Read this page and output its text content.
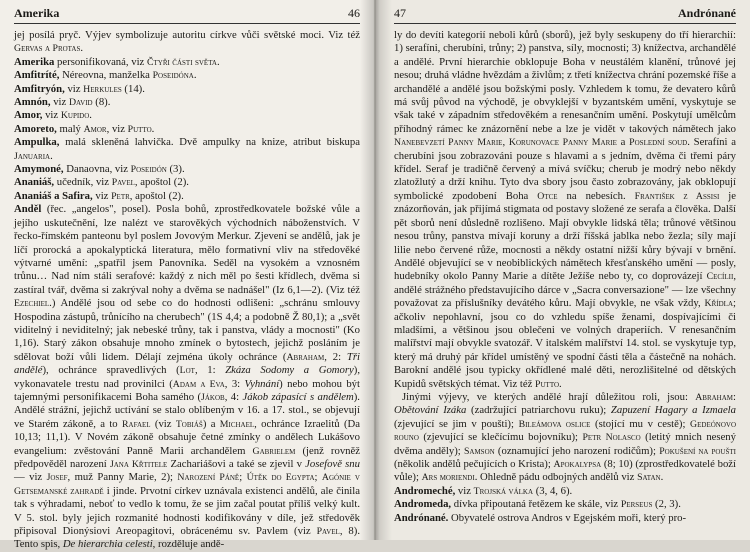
Amerika	46

jej posílá pryč. Výjev symbolizuje autoritu církve vůči světské moci. Viz též Gervas a Protas.

Amerika personifikovaná, viz Čtyři části světa.

Amfitríté, Néreovna, manželka Poseidóna.

Amfitryón, viz Herkules (14).

Amnón, viz David (8).

Amor, viz Kupido.

Amoreto, malý Amor, viz Putto.

Ampulka, malá skleněná lahvička. Dvě ampulky na knize, atribut biskupa Januaria.

Amymoné, Danaovna, viz Poseidón (3).

Ananiáš, učedník, viz Pavel, apoštol (2).

Ananiáš a Safira, viz Petr, apoštol (2).

Anděl (řec. „angelos", posel). Posla bohů, zprostředkovatele božské vůle a jejího uskutečnění, lze nalézt ve starověkých východních náboženstvích. V řecko-římském panteonu byl poslem Jovovým Merkur. Zjevení se andělů, jak je líčí prorocká a apokalyptická literatura, mělo formativní vliv na středověké výtvarné umění: „spatřil jsem Panovníka. Seděl na vysokém a vznosném trůnu… Nad ním stáli serafové: každý z nich měl po šesti křídlech, dvěma si zastíral tvář, dvěma si zakrýval nohy a dvěma se nadnášel" (Iz 6,1—2). (Viz též Ezechiel.) Andělé jsou od sebe co do hodnosti odlišeni: „schránu smlouvy Hospodina zástupů, trůnícího na cherubech" (1S 4,4; a podobně Ž 80,1); a „svět viditelný i neviditelný; jak nebeské trůny, tak i panstva, vlády a mocnosti" (Ko 1,16). Starý zákon obsahuje mnoho zmínek o bytostech, jejichž posláním je sdělovat boží vůli lidem. Délají zejména úkoly ochránce (Abraham, 2: Tři andělé), ochránce spravedlivých (Lot, 1: Zkáza Sodomy a Gomory), vykonavatele trestu nad provinilci (Adam a Eva, 3: Vyhnání) nebo mohou být tajemnými personifikacemi Boha samého (Jákob, 4: Jákob zápasící s andělem). Andělé strážní, jejichž uctívání se stalo oblíbeným v 16. a 17. stol., se objevují ve Starém zákoně, a to Rafael (viz Tobiáš) a Michael, ochránce Izraelitů (Da 10,13; 11,1). V Novém zákoně obsahuje četné zmínky o andělech Lukášovo evangelium: zvěstování Panně Marii archandělem Gabrielem (jenž rovněž předpověděl narození Jana Křtitele Zachariášovi a také se zjevil v Josefově snu — viz Josef, muž Panny Marie, 2); Narození Páně; Útěk do Egypta; Agónie v Getsemanské zahradě i jinde. Prvotní církev uznávala existenci andělů, ale činila tak s výhradami, neboť to vedlo k tomu, že se jim začal poutat příliš velký kult. V 5. stol. byly jejich rozmanité hodnosti kodifikovány v díle, jež středověk připisoval Dionýsiovi Areopagitovi, obrácenému sv. Pavlem (viz Pavel, 8). Tento spis, De hierarchia celesti, rozděluje andě-

47	Andrónané

ly do devíti kategorií neboli kůrů (sborů), jež byly seskupeny do tří hierarchií: 1) serafíni, cherubíni, trůny; 2) panstva, síly, mocnosti; 3) knížectva, archandělé a andělé. První hierarchie obklopuje Boha v neustálém klanění, trůnové jej nesou; druhá vládne hvězdám a živlům; z třetí knížectva chrání pozemské říše a archandělé a andělé jsou božskými posly. Vzhledem k tomu, že devatero kůrů má svůj původ na východě, je obvyklejší v byzantském umění, vyskytuje se však také v západním středověkém a renesančním umění. Poskytují umělcům příhodný rámec ke znázornění nebe a lze je vidět v takových námětech jako Nanebevzetí Panny Marie, Korunovace Panny Marie a Poslední soud. Serafíni a cherubíni jsou zobrazováni pouze s hlavami a s jedním, dvěma či třemi páry křídel. Seraf je tradičně červený a mívá svíčku; cherub je modrý nebo někdy zlatožlutý a drží knihu. Tyto dva sbory jsou často zobrazovány, jak obklopují symbolické zpodobení Boha Otce na nebesích. František z Assisi je znázorňován, jak přijímá stigmata od postavy složené ze serafa a člověka. Další pět sborů není důsledně rozlišeno. Mají obvykle lidská těla; trůnové většinou nesou trůny, panstva mívají koruny a drží říšská jablka nebo žezla; síly mají lilie nebo červené růže, mocnosti a někdy ostatní nižší kůry bývají v brnění. Andělé objevující se v neobiblických námětech křesťanského umění — posly, hudebníky okolo Panny Marie a dítěte Ježíše nebo ty, co doprovázejí Cecílii, andělé strážného představujícího dárce v „Sacra conversazione" — lze všechny považovat za příslušníky devátého kůru. Mají obvykle, ne však vždy, Křídla; ačkoliv nepohlavní, jsou co do vzhledu spíše ženami, dospívajícími či mladšími, a většinou jsou oblečeni ve volných draperiích. V renesančním malířství mají obvykle svatozář. V italském malířství 14. stol. se vyskytuje typ, který má druhý pár křídel umístěný ve spodní části těla a částečně na nohách. Barokní andělé jsou typicky okřídlené malé děti, nerozlišitelné od dětských Kupidů světských témat. Viz též Putto.

Jinými výjevy, ve kterých andělé hrají důležitou roli, jsou: Abraham: Obětování Izáka (zadržující patriarchovu ruku); Zapuzení Hagary a Izmaela (zjevující se jim v poušti); Bileámova oslice (stojící mu v cestě); Gedeónovo rouno (zjevující se klečícímu bojovníku); Petr Nolasco (letitý mnich nesený dvěma anděly); Samson (oznamující jeho narození rodičům); Pokušení na poušti (několik andělů pečujících o Krista); Apokalypsa (8; 10) (zprostředkovatelé boží vůle); Ars moriendi. Ohledně pádu odbojných andělů viz Satan.

Andromeché, viz Trojská válka (3, 4, 6).

Andromeda, dívka připoutaná řetězem ke skále, viz Perseus (2, 3).

Andrónané. Obyvatelé ostrova Andros v Egejském moři, který pro-
